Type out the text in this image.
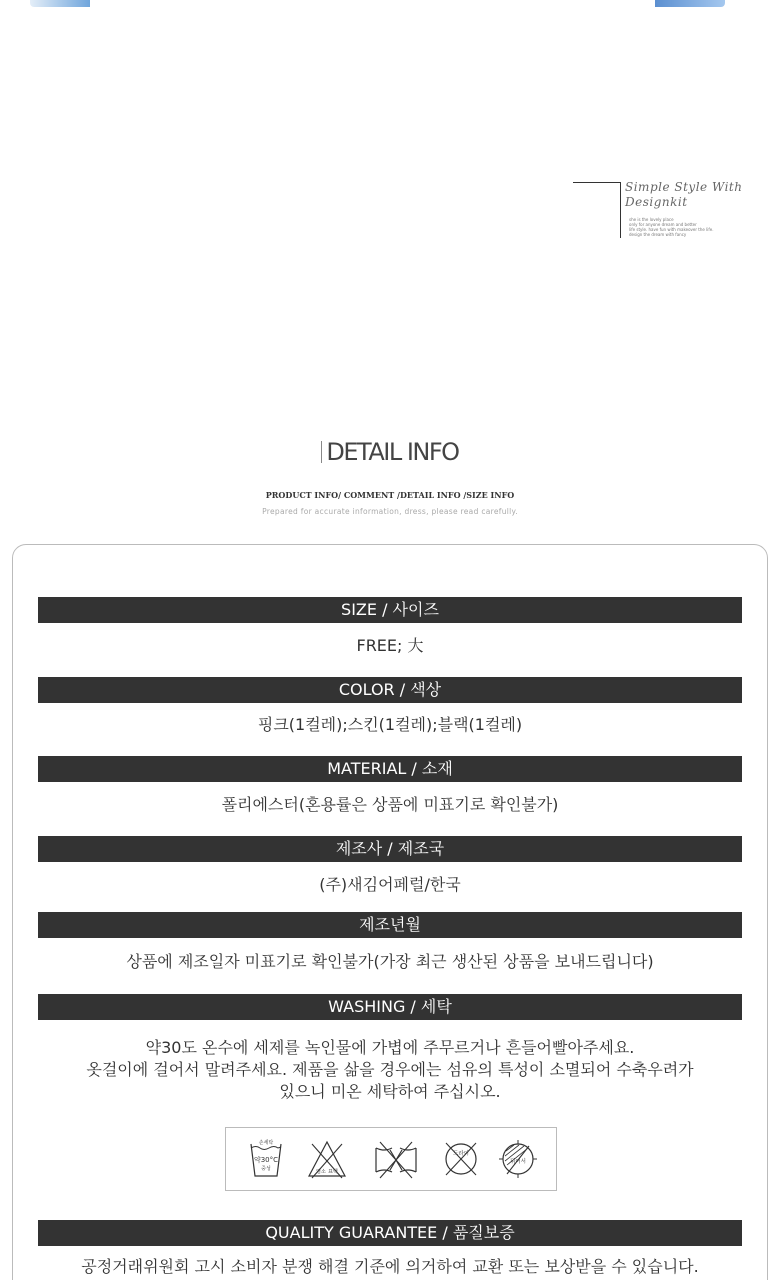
Simple Style With
Designkit
she is the lovely place
only for anyone dream and better
life style. have fun with makeover the life.
design the dream with fancy
DETAIL INFO
PRODUCT INFO/ COMMENT /DETAIL INFO /SIZE INFO
Prepared for accurate information, dress, please read carefully.
SIZE / 사이즈
FREE; 大
COLOR / 색상
핑크(1컬레);스킨(1컬레);블랙(1컬레)
MATERIAL / 소재
폴리에스터(혼용률은 상품에 미표기로 확인불가)
제조사 / 제조국
(주)새김어페럴/한국
제조년월
상품에 제조일자 미표기로 확인불가(가장 최근 생산된 상품을 보내드립니다)
WASHING / 세탁
약30도 온수에 세제를 녹인물에 가볍에 주무르거나 흔들어빨아주세요.
옷걸이에 걸어서 말려주세요. 제품을 삶을 경우에는 섬유의 특성이 소멸되어 수축우려가
있으니 미온 세탁하여 주십시오.
손세탁
약30°C
중성	염소 표백
드라이
뒤어서
QUALITY GUARANTEE / 품질보증
공정거래위원회 고시 소비자 분쟁 해결 기준에 의거하여 교환 또는 보상받을 수 있습니다.
